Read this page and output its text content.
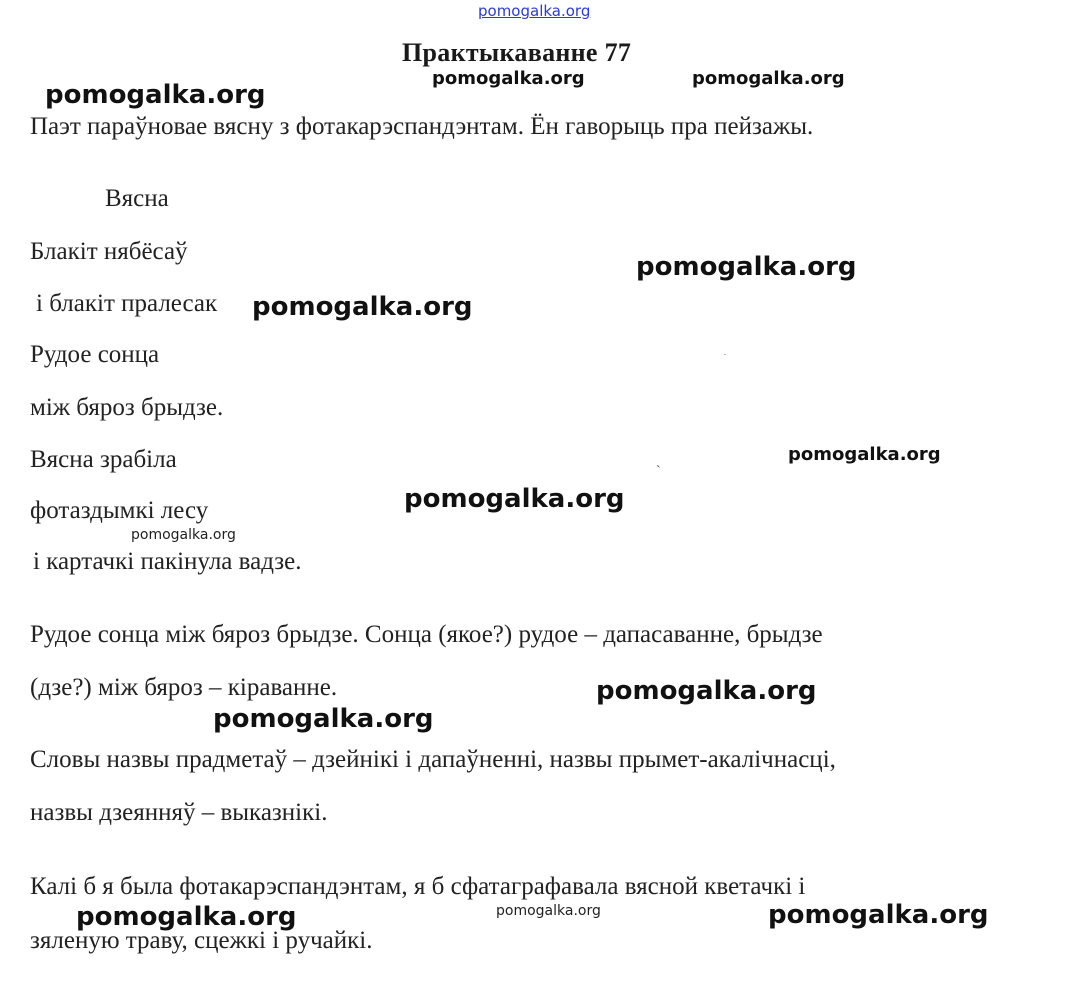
pomogalka.org
Практыкаванне 77
Паэт параўновае вясну з фотакарэспандэнтам. Ён гаворыць пра пейзажы.
Вясна
Блакіт нябёсаў
і блакіт пралесак
Рудое сонца
між бяроз брыдзе.
Вясна зрабіла
фотаздымкі лесу
і картачкі пакінула вадзе.
Рудое сонца між бяроз брыдзе. Сонца (якое?) рудое – дапасаванне, брыдзе
(дзе?) між бяроз – кіраванне.
Словы назвы прадметаў – дзейнікі і дапаўненні, назвы прымет-акалічнасці,
назвы дзеянняў – выказнікі.
Калі б я была фотакарэспандэнтам, я б сфатаграфавала вясной кветачкі і
зяленую траву, сцежкі і ручайкі.
pomogalka.org	pomogalka.org
pomogalka.org
pomogalka.org
pomogalka.org
pomogalka.org
pomogalka.org
pomogalka.org
pomogalka.org
pomogalka.org
pomogalka.org	pomogalka.org	pomogalka.org
`
.
